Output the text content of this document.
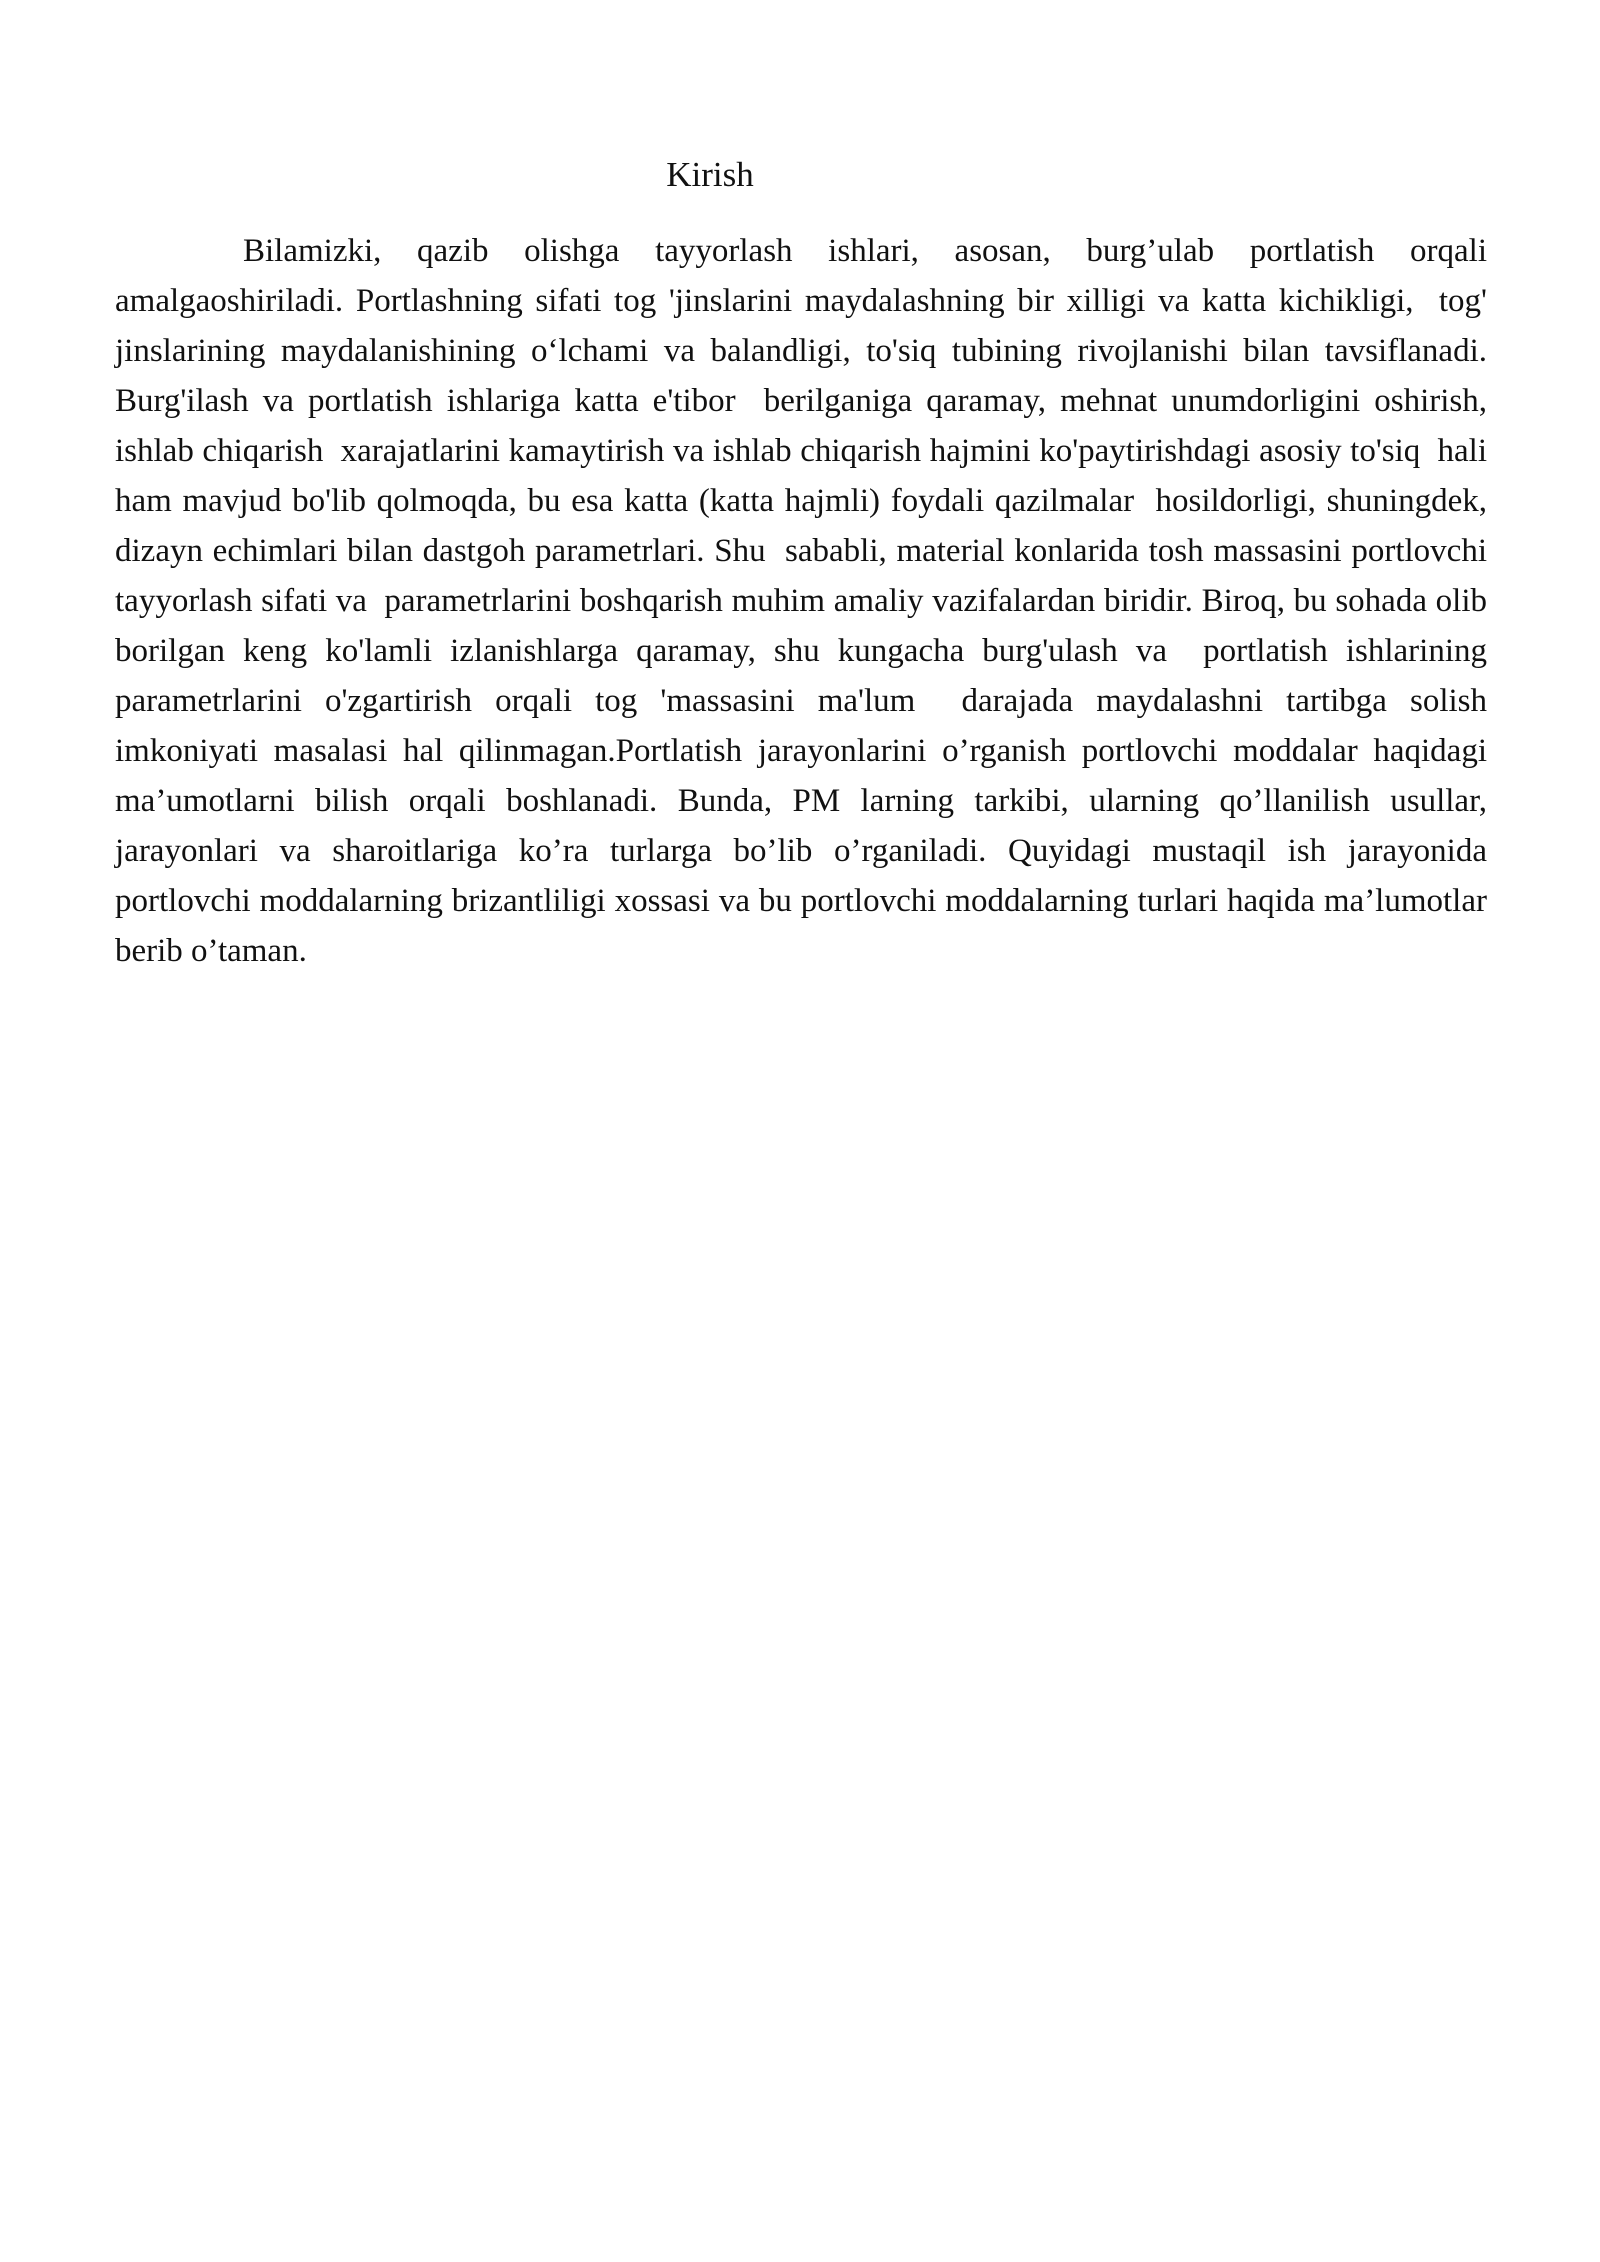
Kirish

Bilamizki, qazib olishga tayyorlash ishlari, asosan, burg’ulab portlatish orqali amalgaoshiriladi. Portlashning sifati tog 'jinslarini maydalashning bir xilligi va katta kichikligi,  tog' jinslarining maydalanishining o‘lchami va balandligi, to'siq tubining rivojlanishi bilan tavsiflanadi. Burg'ilash va portlatish ishlariga katta e'tibor  berilganiga qaramay, mehnat unumdorligini oshirish, ishlab chiqarish  xarajatlarini kamaytirish va ishlab chiqarish hajmini ko'paytirishdagi asosiy to'siq  hali ham mavjud bo'lib qolmoqda, bu esa katta (katta hajmli) foydali qazilmalar  hosildorligi, shuningdek, dizayn echimlari bilan dastgoh parametrlari. Shu  sababli, material konlarida tosh massasini portlovchi tayyorlash sifati va  parametrlarini boshqarish muhim amaliy vazifalardan biridir. Biroq, bu sohada olib borilgan keng ko'lamli izlanishlarga qaramay, shu kungacha burg'ulash va  portlatish ishlarining parametrlarini o'zgartirish orqali tog 'massasini ma'lum  darajada maydalashni tartibga solish imkoniyati masalasi hal qilinmagan.Portlatish jarayonlarini o’rganish portlovchi moddalar haqidagi ma’umotlarni bilish orqali boshlanadi. Bunda, PM larning tarkibi, ularning qo’llanilish usullar, jarayonlari va sharoitlariga ko’ra turlarga bo’lib o’rganiladi. Quyidagi mustaqil ish jarayonida portlovchi moddalarning brizantliligi xossasi va bu portlovchi moddalarning turlari haqida ma’lumotlar berib o’taman.
